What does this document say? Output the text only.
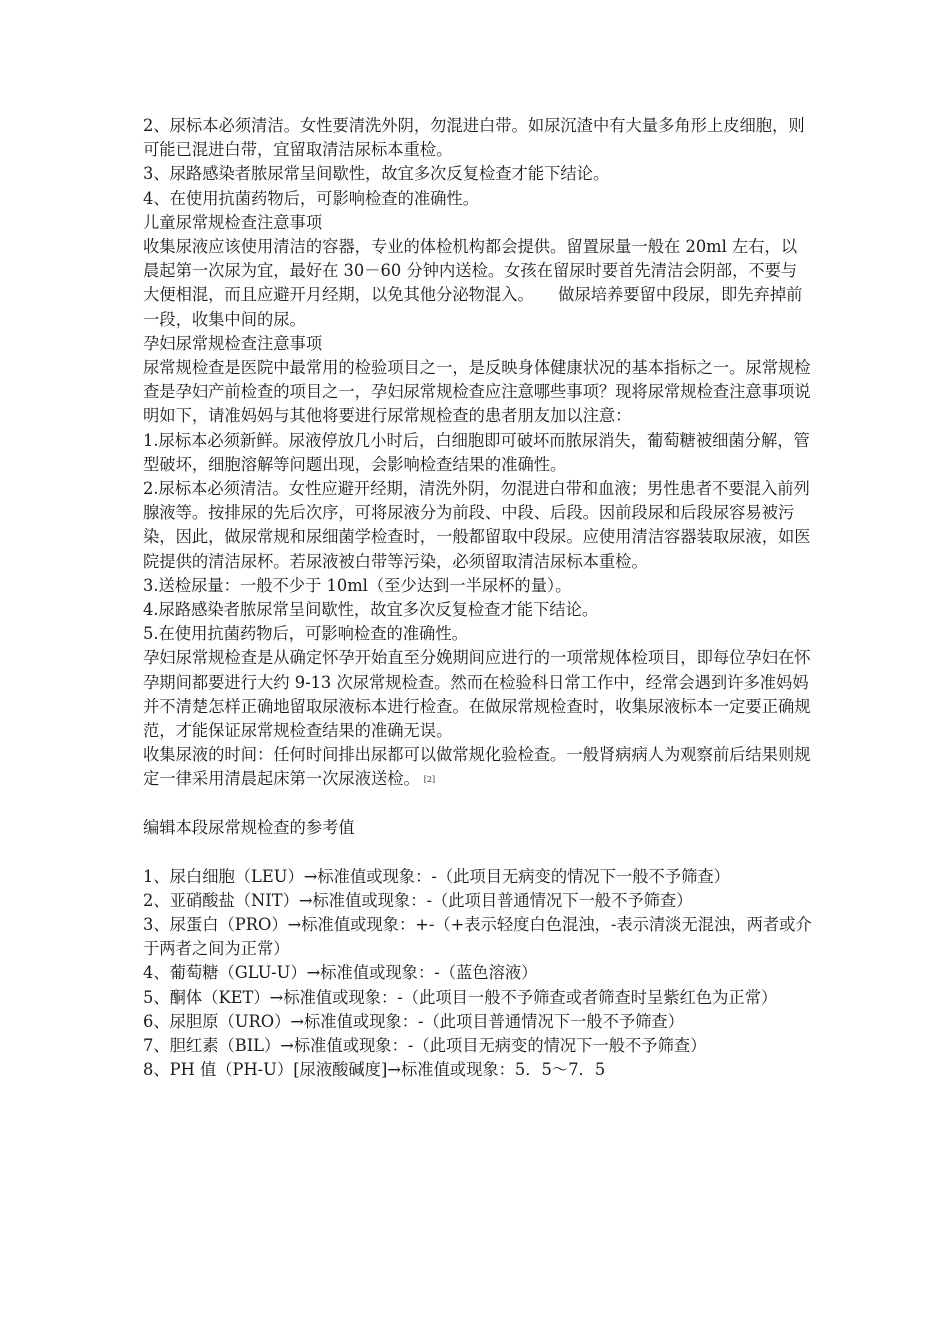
2、尿标本必须清洁。女性要清洗外阴，勿混进白带。如尿沉渣中有大量多角形上皮细胞，则可能已混进白带，宜留取清洁尿标本重检。
3、尿路感染者脓尿常呈间歇性，故宜多次反复检查才能下结论。
4、在使用抗菌药物后，可影响检查的准确性。
儿童尿常规检查注意事项
收集尿液应该使用清洁的容器，专业的体检机构都会提供。留置尿量一般在 20ml 左右，以晨起第一次尿为宜，最好在 30－60 分钟内送检。女孩在留尿时要首先清洁会阴部，不要与大便相混，而且应避开月经期，以免其他分泌物混入。　　做尿培养要留中段尿，即先弃掉前一段，收集中间的尿。
孕妇尿常规检查注意事项
尿常规检查是医院中最常用的检验项目之一，是反映身体健康状况的基本指标之一。尿常规检查是孕妇产前检查的项目之一，孕妇尿常规检查应注意哪些事项？现将尿常规检查注意事项说明如下，请准妈妈与其他将要进行尿常规检查的患者朋友加以注意：
1.尿标本必须新鲜。尿液停放几小时后，白细胞即可破坏而脓尿消失，葡萄糖被细菌分解，管型破坏，细胞溶解等问题出现，会影响检查结果的准确性。
2.尿标本必须清洁。女性应避开经期，清洗外阴，勿混进白带和血液；男性患者不要混入前列腺液等。按排尿的先后次序，可将尿液分为前段、中段、后段。因前段尿和后段尿容易被污染，因此，做尿常规和尿细菌学检查时，一般都留取中段尿。应使用清洁容器装取尿液，如医院提供的清洁尿杯。若尿液被白带等污染，必须留取清洁尿标本重检。
3.送检尿量：一般不少于 10ml（至少达到一半尿杯的量）。
4.尿路感染者脓尿常呈间歇性，故宜多次反复检查才能下结论。
5.在使用抗菌药物后，可影响检查的准确性。
孕妇尿常规检查是从确定怀孕开始直至分娩期间应进行的一项常规体检项目，即每位孕妇在怀孕期间都要进行大约 9-13 次尿常规检查。然而在检验科日常工作中，经常会遇到许多准妈妈并不清楚怎样正确地留取尿液标本进行检查。在做尿常规检查时，收集尿液标本一定要正确规范，才能保证尿常规检查结果的准确无误。
收集尿液的时间：任何时间排出尿都可以做常规化验检查。一般肾病病人为观察前后结果则规定一律采用清晨起床第一次尿液送检。 [2]
编辑本段尿常规检查的参考值
1、尿白细胞（LEU）→标准值或现象：-（此项目无病变的情况下一般不予筛查）
2、亚硝酸盐（NIT）→标准值或现象：-（此项目普通情况下一般不予筛查）
3、尿蛋白（PRO）→标准值或现象：+-（+表示轻度白色混浊，-表示清淡无混浊，两者或介于两者之间为正常）
4、葡萄糖（GLU-U）→标准值或现象：-（蓝色溶液）
5、酮体（KET）→标准值或现象：-（此项目一般不予筛查或者筛查时呈紫红色为正常）
6、尿胆原（URO）→标准值或现象：-（此项目普通情况下一般不予筛查）
7、胆红素（BIL）→标准值或现象：-（此项目无病变的情况下一般不予筛查）
8、PH 值（PH-U）[尿液酸碱度]→标准值或现象：5．5～7．5
